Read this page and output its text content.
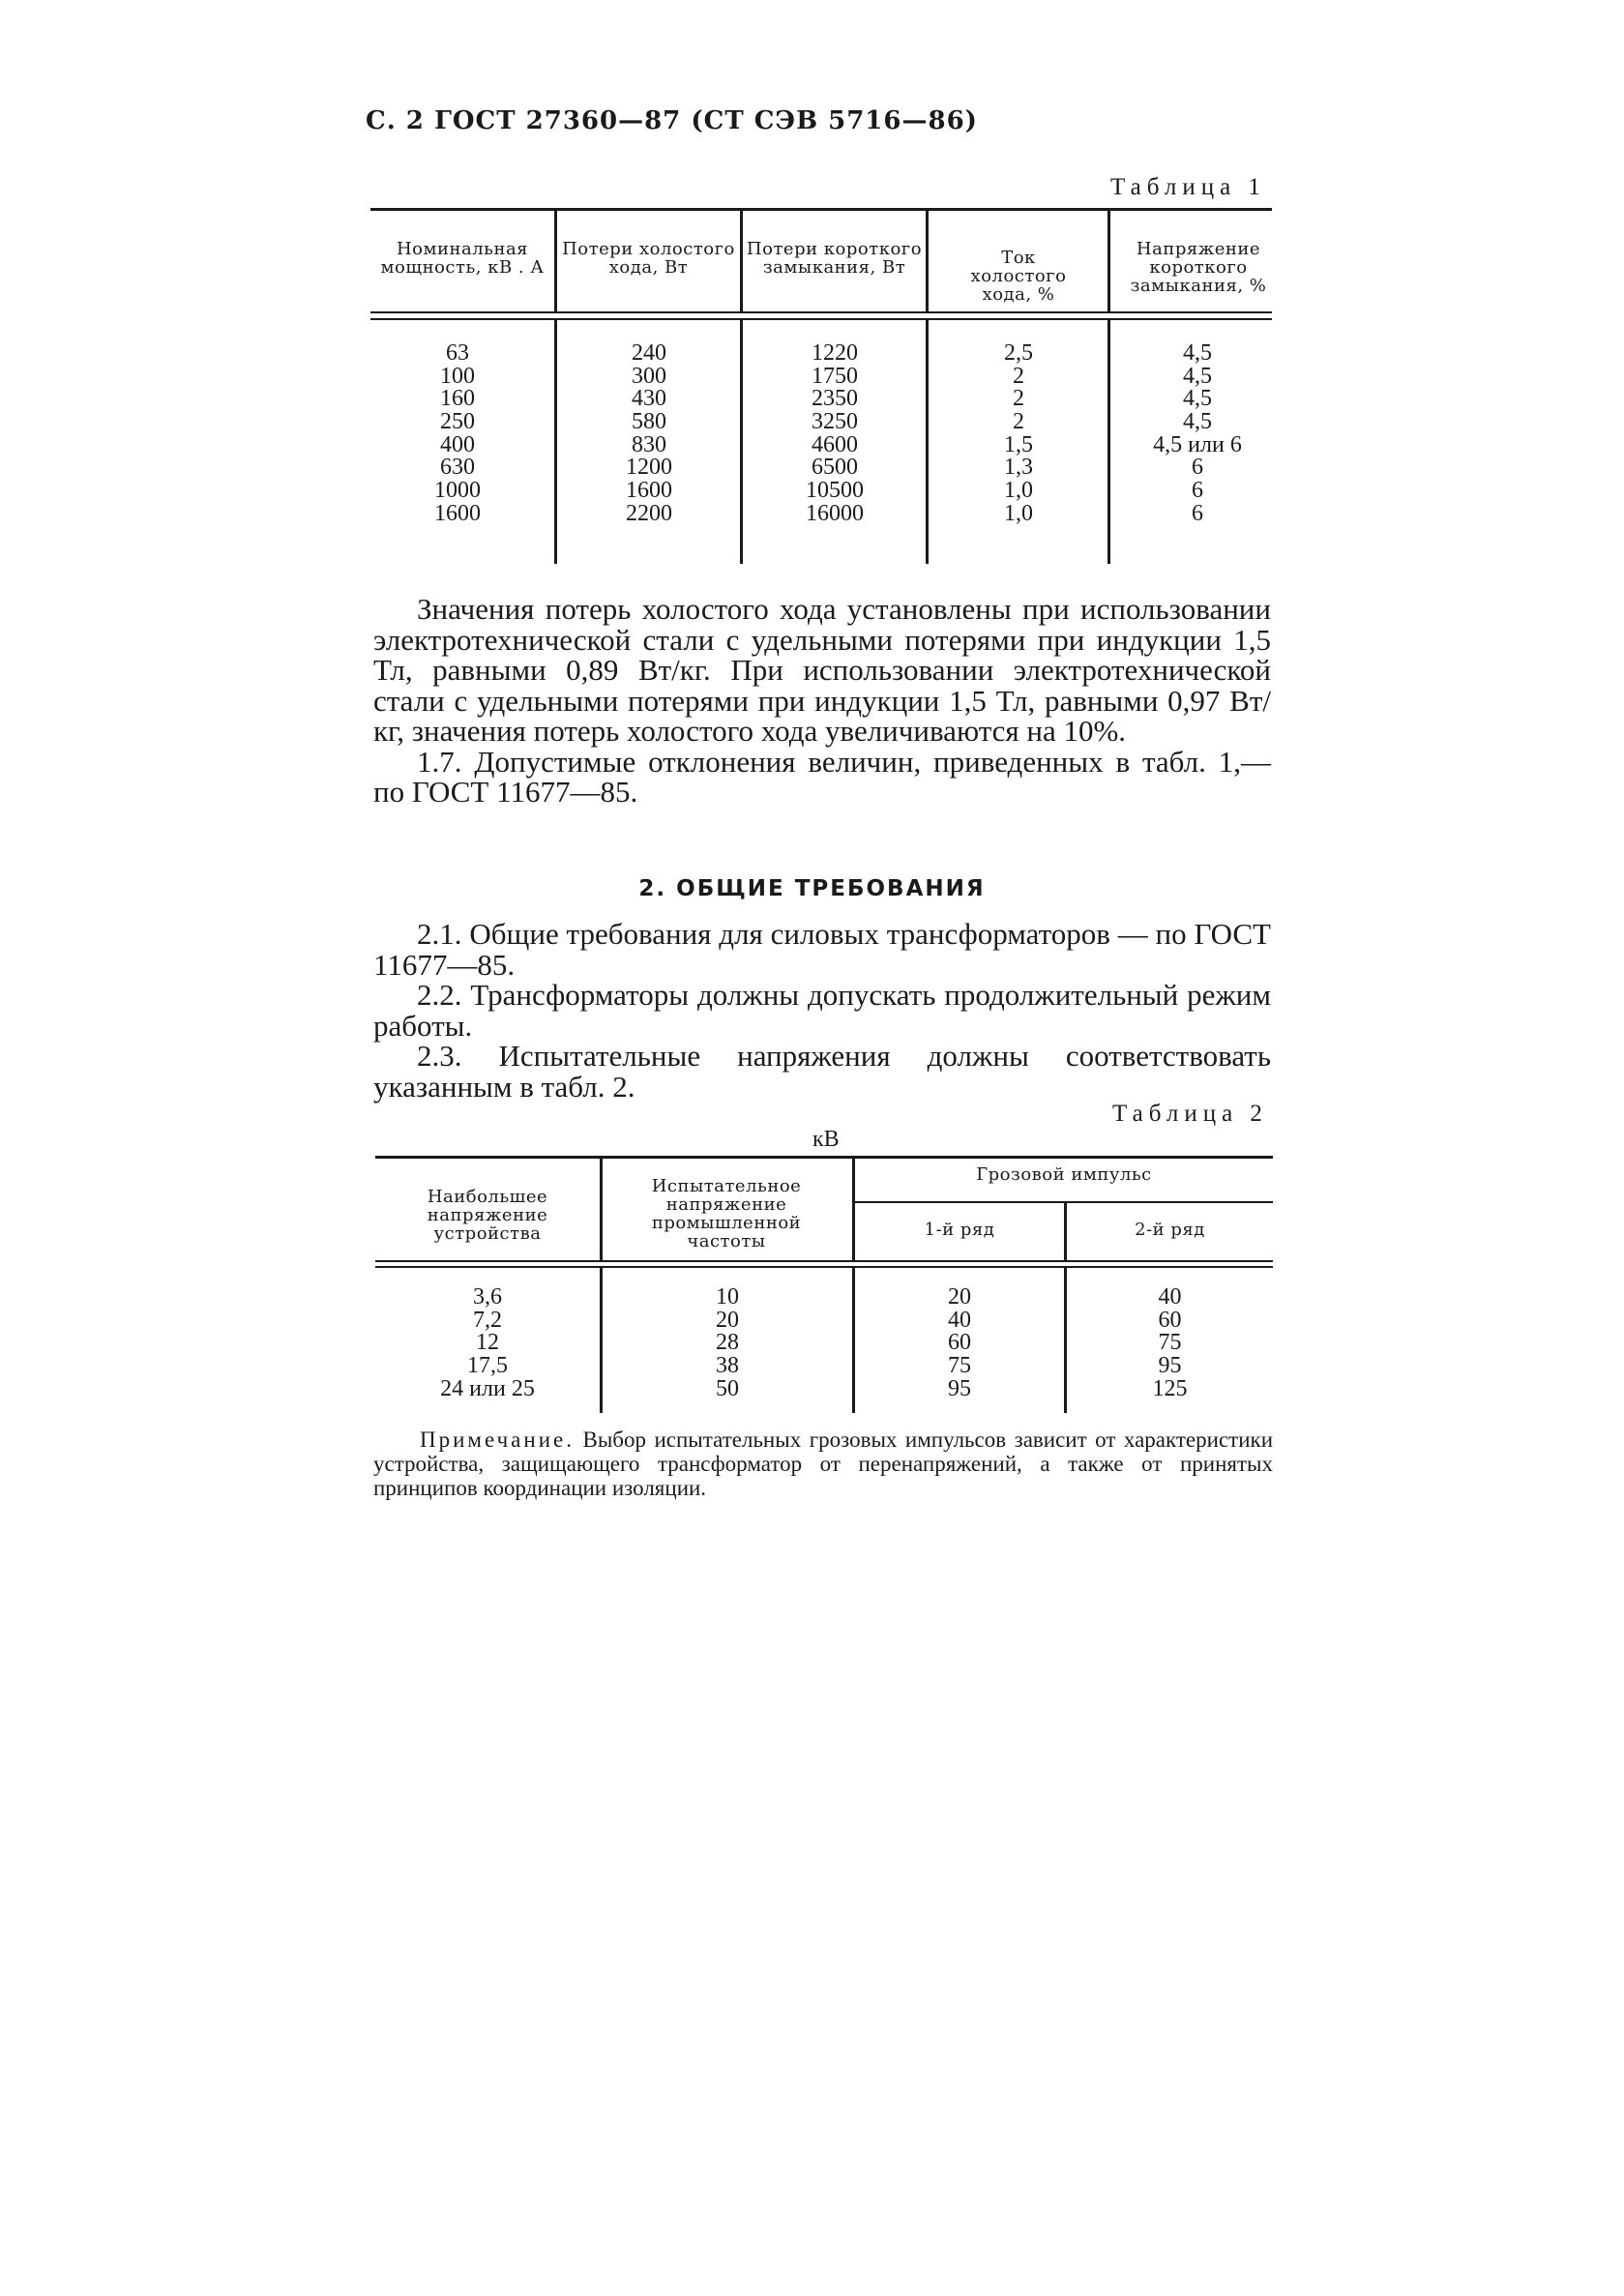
С. 2 ГОСТ 27360—87 (СТ СЭВ 5716—86)
Таблица 1
Номинальная мощность, кВ . А
Потери холостого хода, Вт
Потери короткого замыкания, Вт	Ток холостого хода, %
Напряжение короткого замыкания, %
63
100
160
250
400
630
1000
1600
240
300
430
580
830
1200
1600
2200
1220
1750
2350
3250
4600
6500
10500
16000
2,5
2
2
2
1,5
1,3
1,0
1,0
4,5
4,5
4,5
4,5
4,5 или 6
6
6
6

Значения потерь холостого хода установлены при использовании электротехнической стали с удельными потерями при индукции 1,5 Тл, равными 0,89 Вт/кг. При использовании электротехнической стали с удельными потерями при индукции 1,5 Тл, равными 0,97 Вт/кг, значения потерь холостого хода увеличиваются на 10%.

1.7. Допустимые отклонения величин, приведенных в табл. 1,— по ГОСТ 11677—85.

2. ОБЩИЕ ТРЕБОВАНИЯ

2.1. Общие требования для силовых трансформаторов — по ГОСТ 11677—85.

2.2. Трансформаторы должны допускать продолжительный режим работы.

2.3. Испытательные напряжения должны соответствовать указанным в табл. 2.

Таблица 2
кВ
Наибольшее напряжение устройства
Испытательное напряжение промышленной частоты
Грозовой импульс
1-й ряд	2-й ряд
3,6
7,2
12
17,5
24 или 25
10
20
28
38
50
20
40
60
75
95
40
60
75
95
125
Примечание. Выбор испытательных грозовых импульсов зависит от характеристики устройства, защищающего трансформатор от перенапряжений, а также от принятых принципов координации изоляции.
